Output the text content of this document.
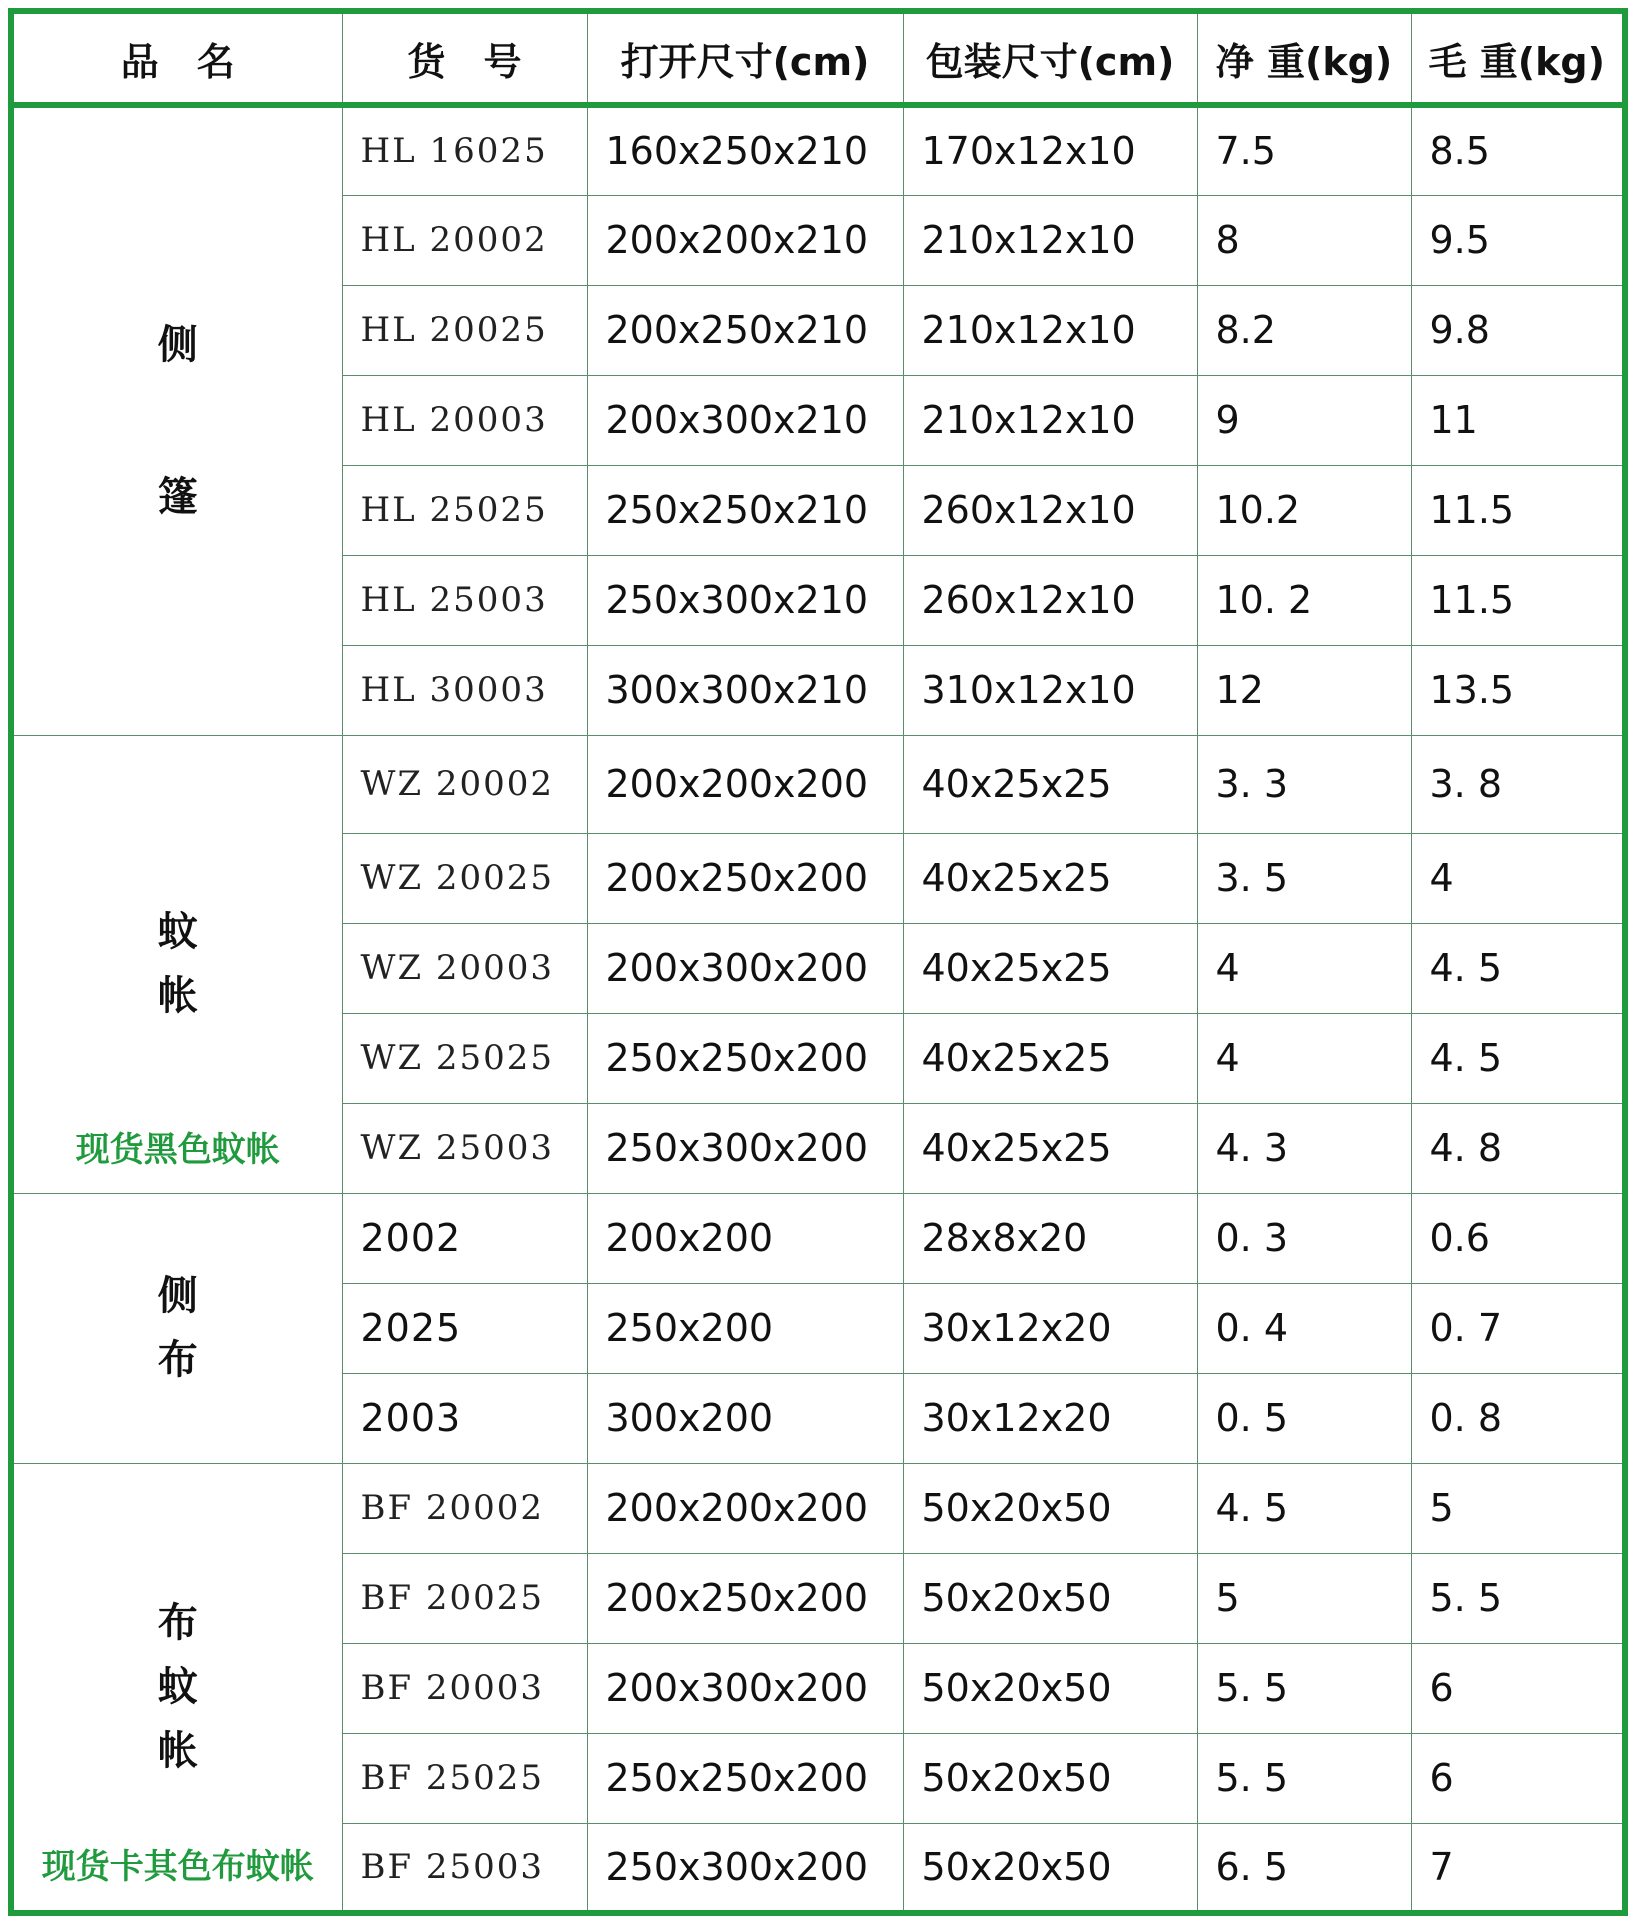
品　名	货　号	打开尺寸(cm)	包装尺寸(cm)	净 重(kg)	毛 重(kg)

侧
篷	HL 16025	160x250x210	170x12x10	7.5	8.5
	HL 20002	200x200x210	210x12x10	8	9.5
	HL 20025	200x250x210	210x12x10	8.2	9.8
	HL 20003	200x300x210	210x12x10	9	11
	HL 25025	250x250x210	260x12x10	10.2	11.5
	HL 25003	250x300x210	260x12x10	10. 2	11.5
	HL 30003	300x300x210	310x12x10	12	13.5

蚊
帐
现货黑色蚊帐	WZ 20002	200x200x200	40x25x25	3. 3	3. 8
	WZ 20025	200x250x200	40x25x25	3. 5	4
	WZ 20003	200x300x200	40x25x25	4	4. 5
	WZ 25025	250x250x200	40x25x25	4	4. 5
	WZ 25003	250x300x200	40x25x25	4. 3	4. 8

侧
布	2002	200x200	28x8x20	0. 3	0.6
	2025	250x200	30x12x20	0. 4	0. 7
	2003	300x200	30x12x20	0. 5	0. 8

布
蚊
帐
现货卡其色布蚊帐	BF 20002	200x200x200	50x20x50	4. 5	5
	BF 20025	200x250x200	50x20x50	5	5. 5
	BF 20003	200x300x200	50x20x50	5. 5	6
	BF 25025	250x250x200	50x20x50	5. 5	6
	BF 25003	250x300x200	50x20x50	6. 5	7
